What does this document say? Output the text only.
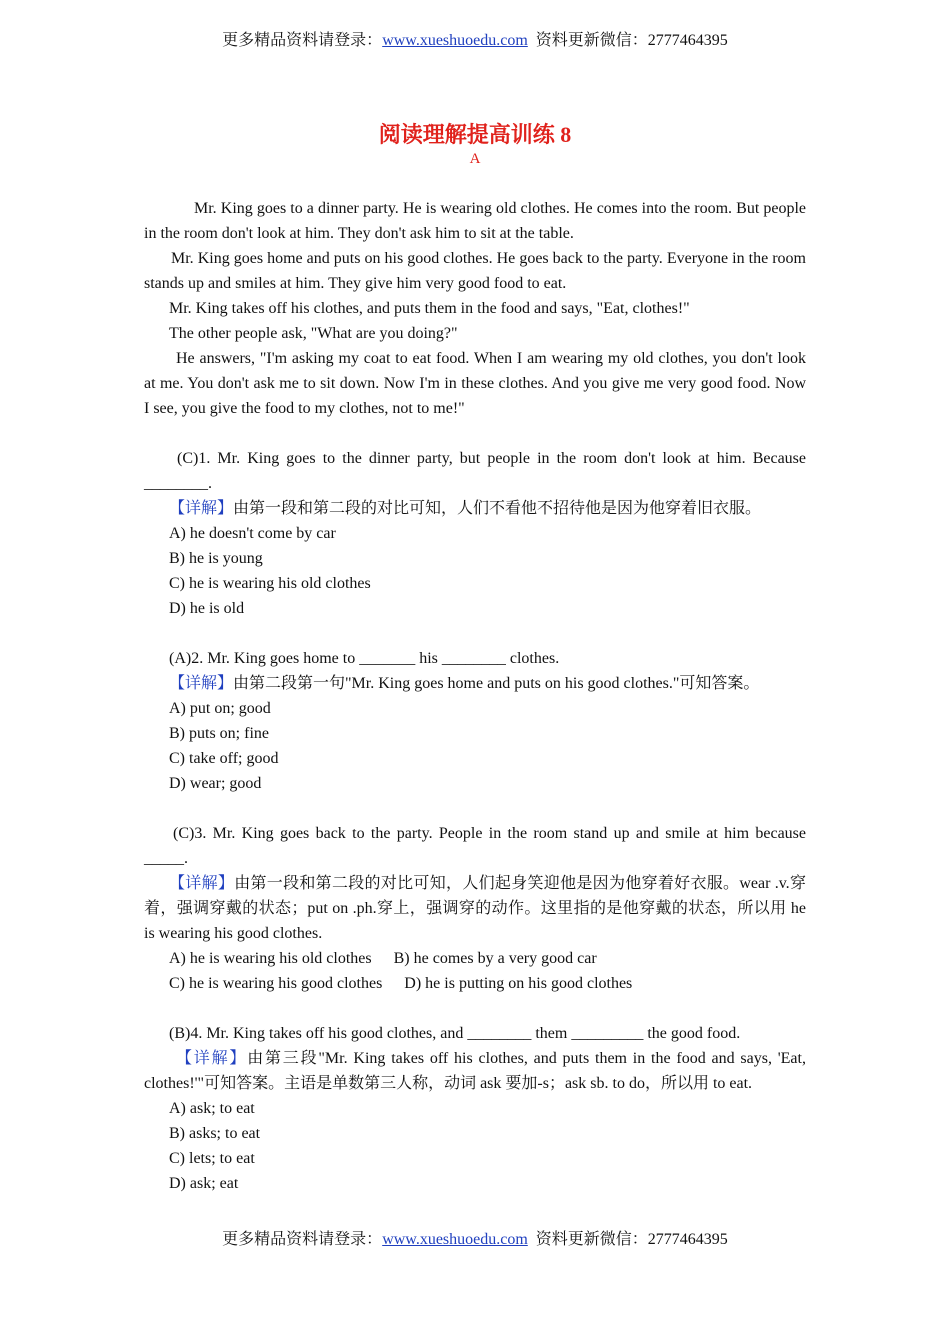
更多精品资料请登录：www.xueshuoedu.com  资料更新微信：2777464395
阅读理解提高训练 8
A

Mr. King goes to a dinner party. He is wearing old clothes. He comes into the room. But people in the room don't look at him. They don't ask him to sit at the table.

Mr. King goes home and puts on his good clothes. He goes back to the party. Everyone in the room stands up and smiles at him. They give him very good food to eat.

Mr. King takes off his clothes, and puts them in the food and says, "Eat, clothes!"

The other people ask, "What are you doing?"

He answers, "I'm asking my coat to eat food. When I am wearing my old clothes, you don't look at me. You don't ask me to sit down. Now I'm in these clothes. And you give me very good food. Now I see, you give the food to my clothes, not to me!"

(C)1. Mr. King goes to the dinner party, but people in the room don't look at him. Because ________.

【详解】由第一段和第二段的对比可知，人们不看他不招待他是因为他穿着旧衣服。

A) he doesn't come by car

B) he is young

C) he is wearing his old clothes

D) he is old

(A)2. Mr. King goes home to _______ his ________ clothes.

【详解】由第二段第一句"Mr. King goes home and puts on his good clothes."可知答案。

A) put on; good

B) puts on; fine

C) take off; good

D) wear; good

(C)3. Mr. King goes back to the party. People in the room stand up and smile at him because _____.

【详解】由第一段和第二段的对比可知，人们起身笑迎他是因为他穿着好衣服。wear .v.穿着，强调穿戴的状态；put on .ph.穿上，强调穿的动作。这里指的是他穿戴的状态，所以用 he is wearing his good clothes.

A) he is wearing his old clothes B) he comes by a very good car

C) he is wearing his good clothes D) he is putting on his good clothes

(B)4. Mr. King takes off his good clothes, and ________ them _________ the good food.

【详解】由第三段"Mr. King takes off his clothes, and puts them in the food and says, 'Eat, clothes!'"可知答案。主语是单数第三人称，动词 ask 要加-s；ask sb. to do，所以用 to eat.

A) ask; to eat

B) asks; to eat

C) lets; to eat

D) ask; eat

更多精品资料请登录：www.xueshuoedu.com  资料更新微信：2777464395
